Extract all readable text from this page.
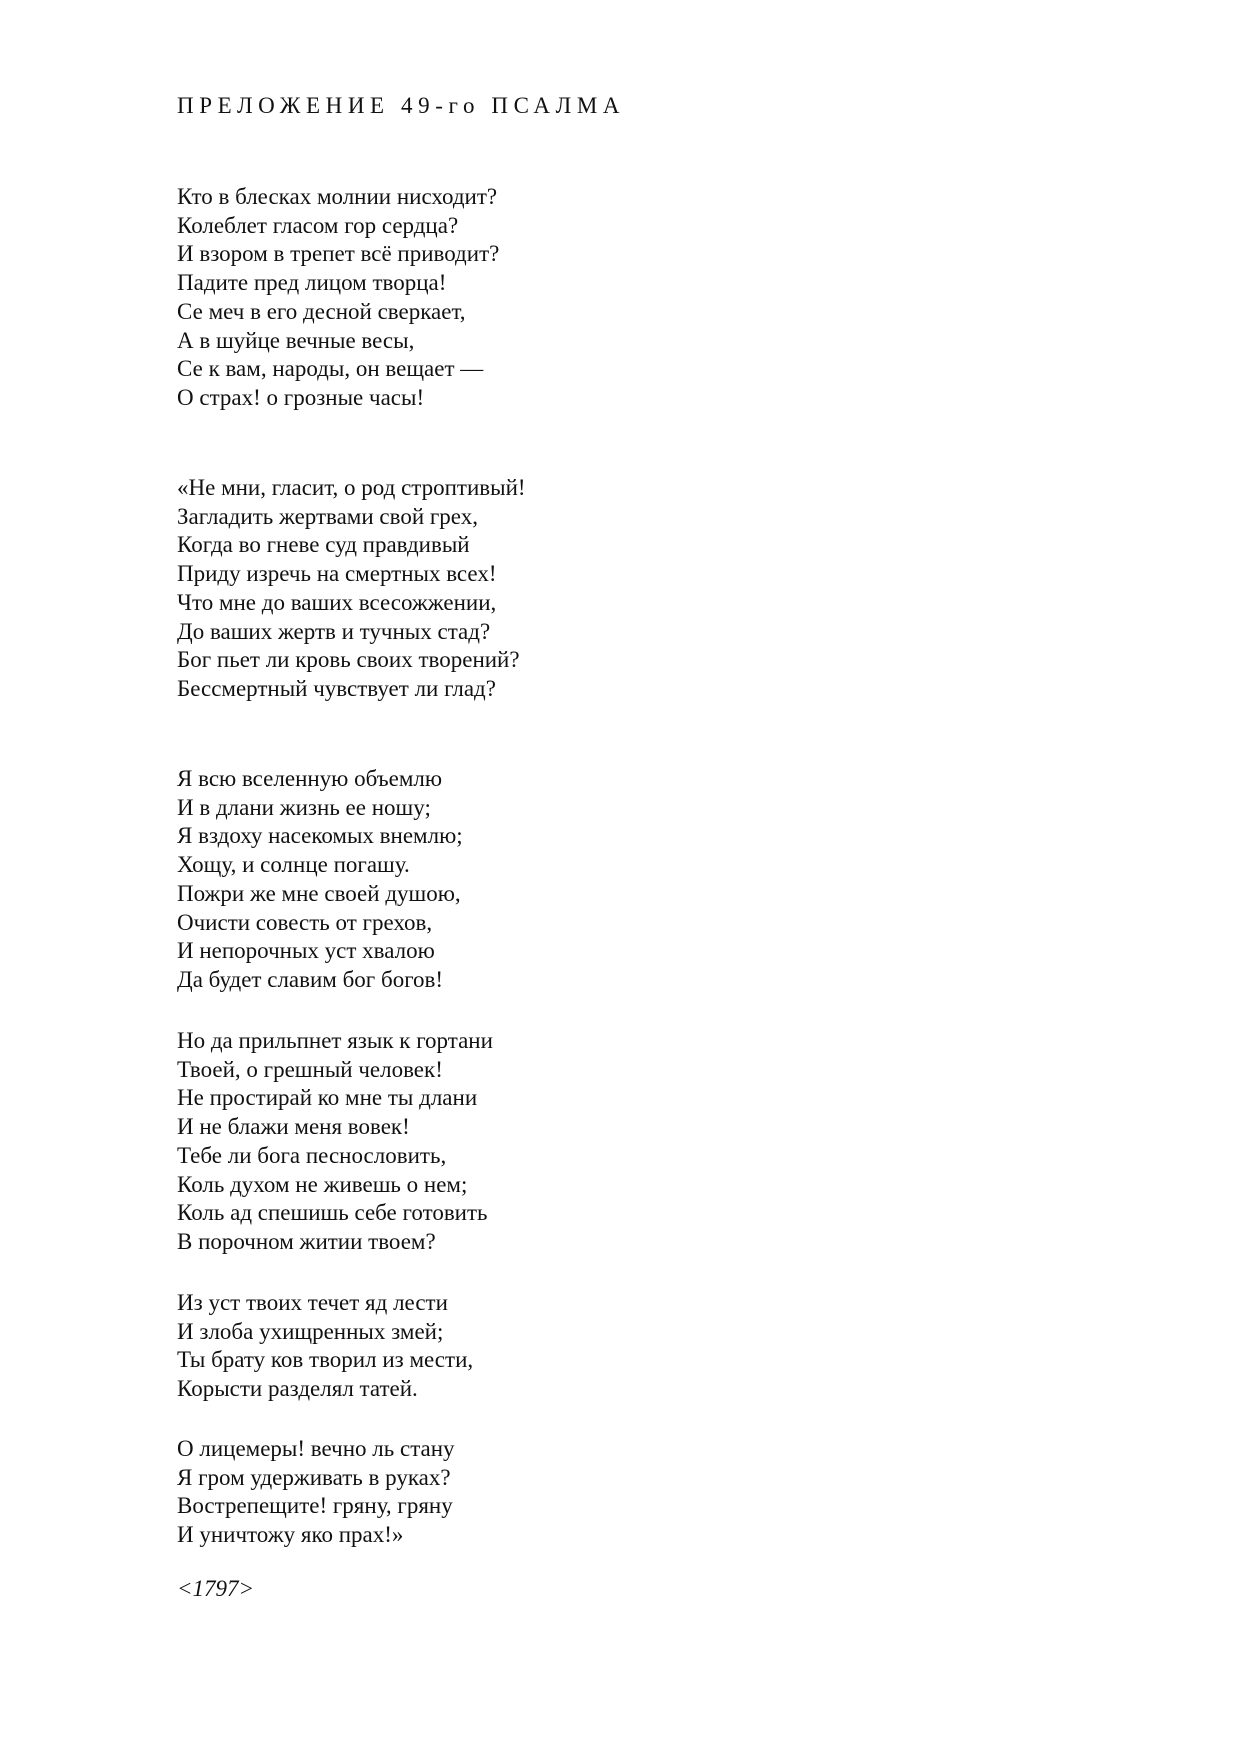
ПРЕЛОЖЕНИЕ 49-го ПСАЛМА
Кто в блесках молнии нисходит?
Колеблет гласом гор сердца?
И взором в трепет всё приводит?
Падите пред лицом творца!
Се меч в его десной сверкает,
А в шуйце вечные весы,
Се к вам, народы, он вещает —
О страх! о грозные часы!
«Не мни, гласит, о род строптивый!
Загладить жертвами свой грех,
Когда во гневе суд правдивый
Приду изречь на смертных всех!
Что мне до ваших всесожжении,
До ваших жертв и тучных стад?
Бог пьет ли кровь своих творений?
Бессмертный чувствует ли глад?
Я всю вселенную объемлю
И в длани жизнь ее ношу;
Я вздоху насекомых внемлю;
Хощу, и солнце погашу.
Пожри же мне своей душою,
Очисти совесть от грехов,
И непорочных уст хвалою
Да будет славим бог богов!
Но да прильпнет язык к гортани
Твоей, о грешный человек!
Не простирай ко мне ты длани
И не блажи меня вовек!
Тебе ли бога песнословить,
Коль духом не живешь о нем;
Коль ад спешишь себе готовить
В порочном житии твоем?
Из уст твоих течет яд лести
И злоба ухищренных змей;
Ты брату ков творил из мести,
Корысти разделял татей.
О лицемеры! вечно ль стану
Я гром удерживать в руках?
Вострепещите! гряну, гряну
И уничтожу яко прах!»
<1797>
